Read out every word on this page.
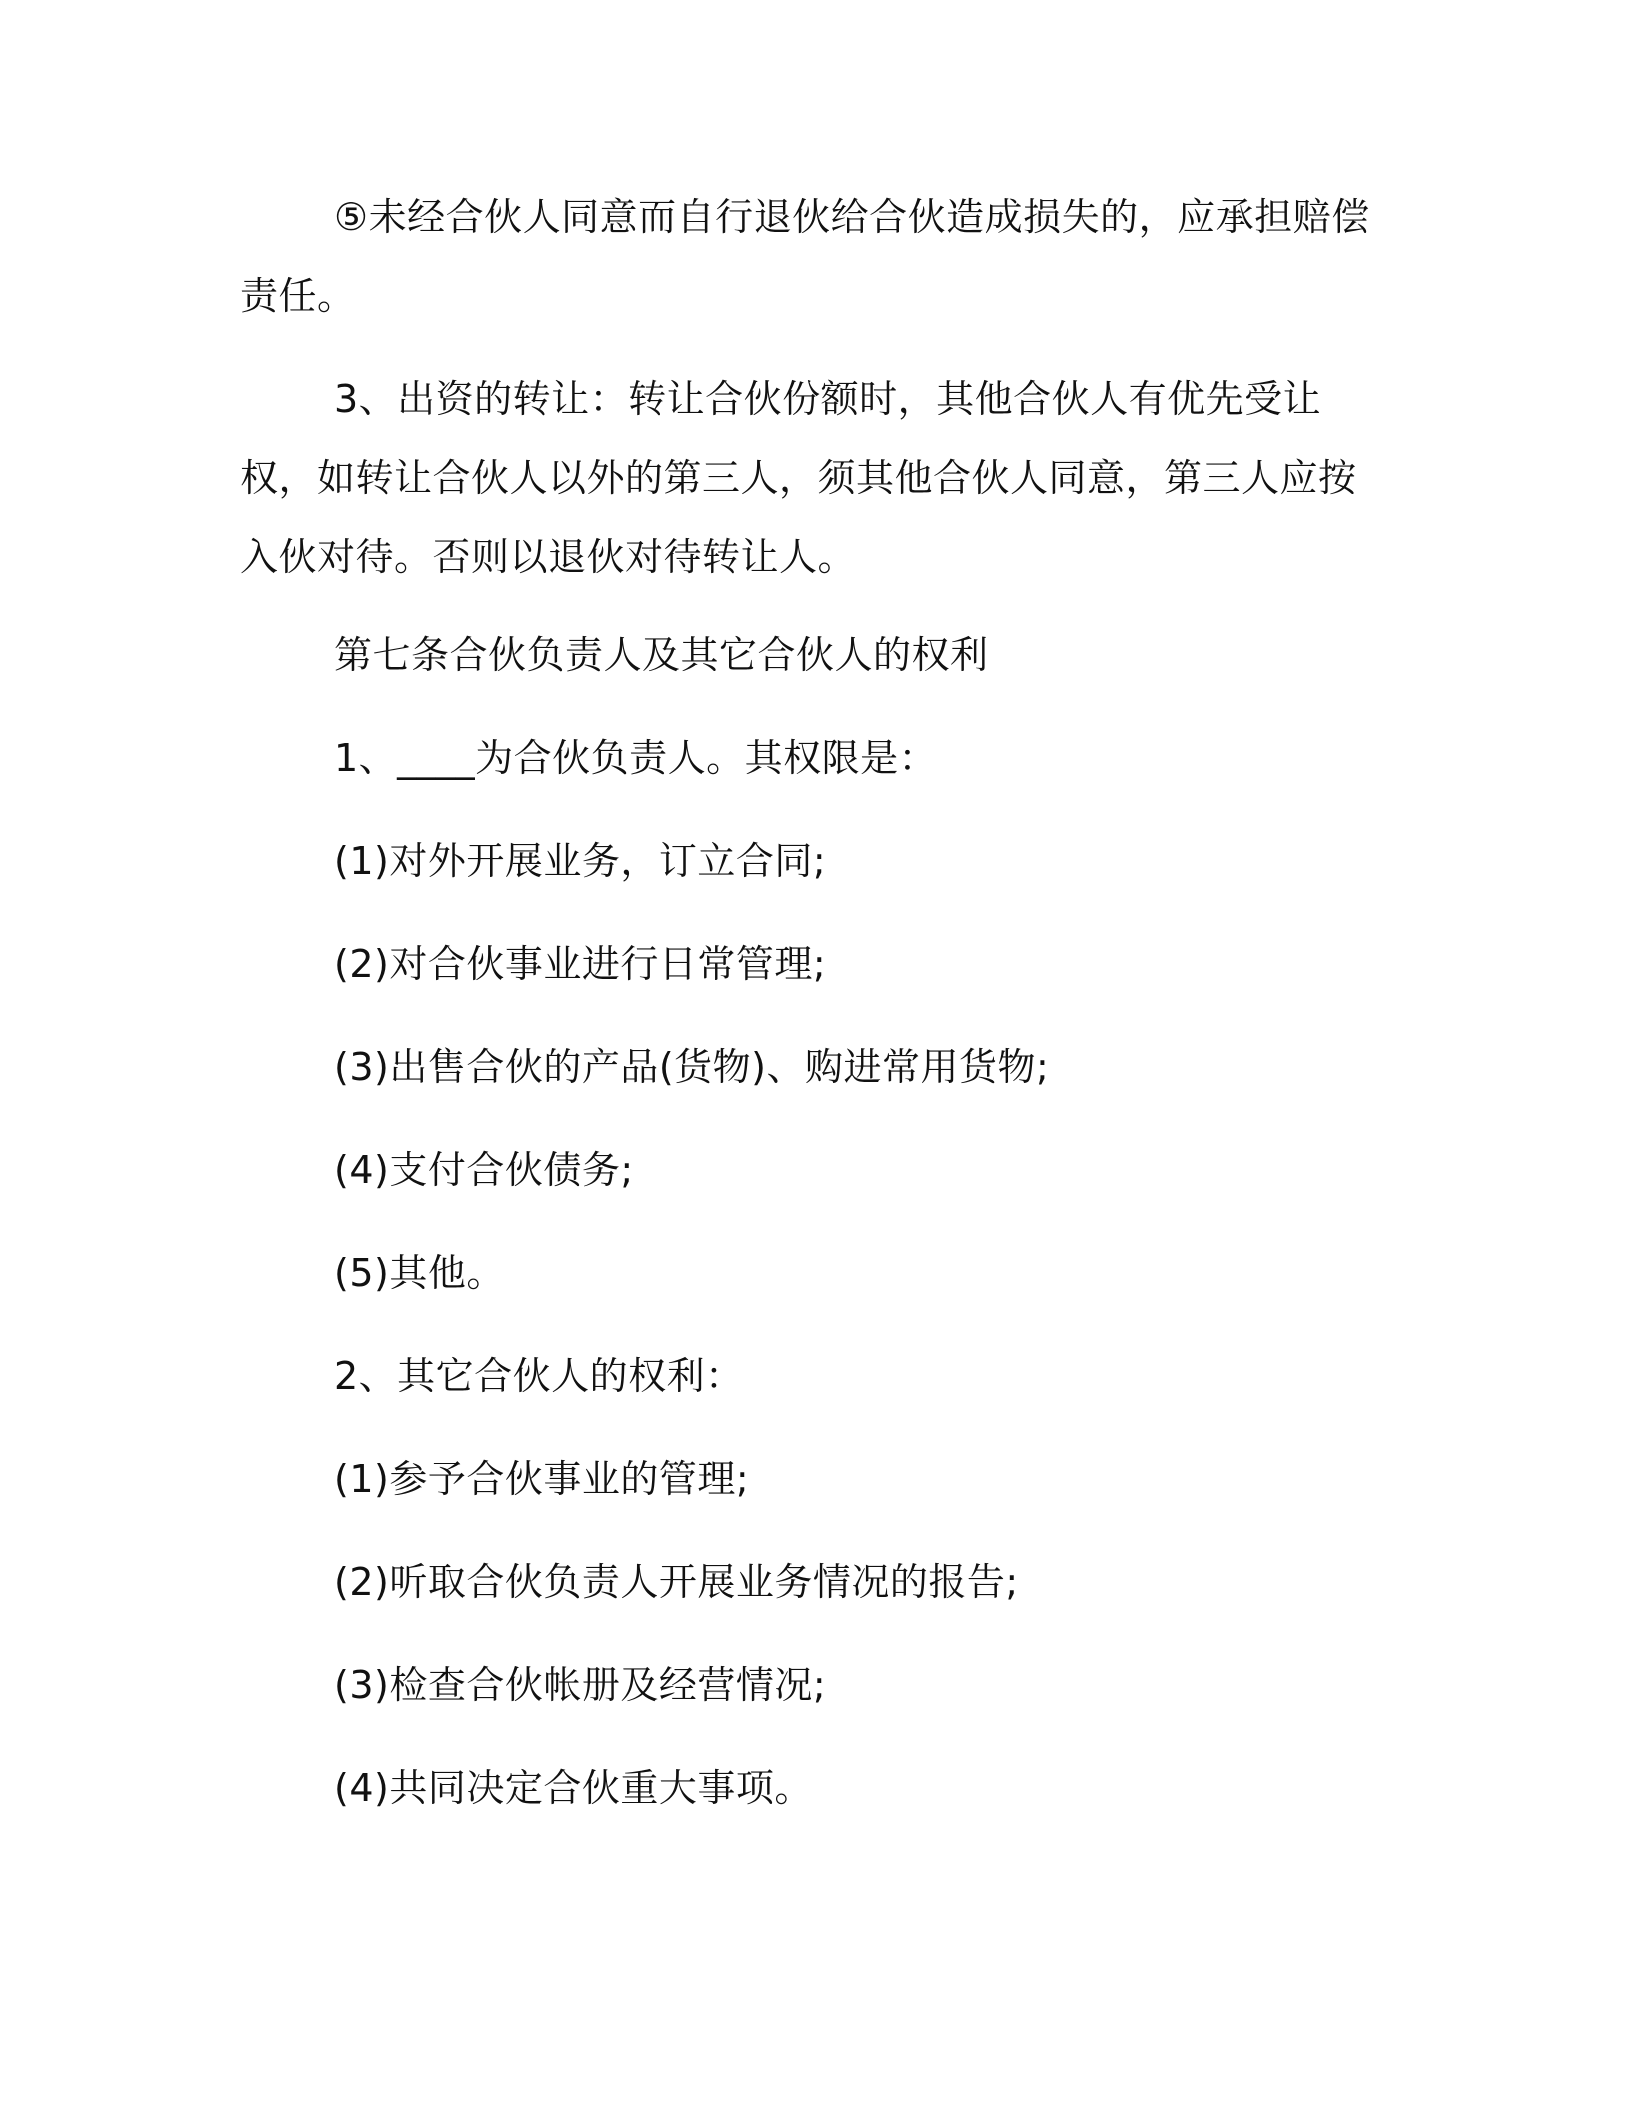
⑤未经合伙人同意而自行退伙给合伙造成损失的，应承担赔偿责任。

3、出资的转让：转让合伙份额时，其他合伙人有优先受让权，如转让合伙人以外的第三人，须其他合伙人同意，第三人应按入伙对待。否则以退伙对待转让人。

第七条合伙负责人及其它合伙人的权利

1、____为合伙负责人。其权限是：

(1)对外开展业务，订立合同;

(2)对合伙事业进行日常管理;

(3)出售合伙的产品(货物)、购进常用货物;

(4)支付合伙债务;

(5)其他。

2、其它合伙人的权利：

(1)参予合伙事业的管理;

(2)听取合伙负责人开展业务情况的报告;

(3)检查合伙帐册及经营情况;

(4)共同决定合伙重大事项。
